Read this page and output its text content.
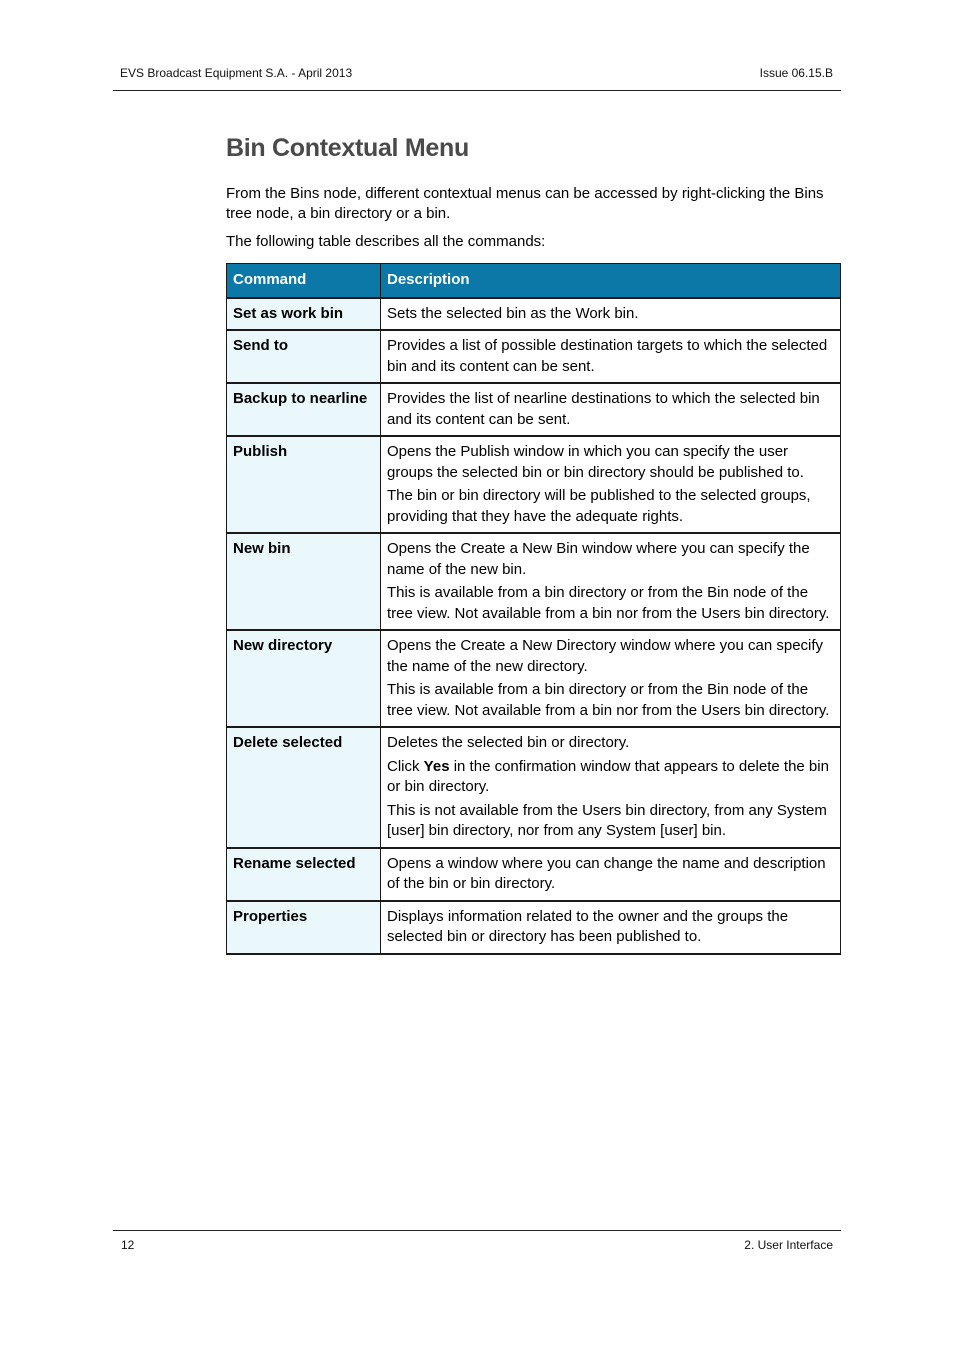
EVS Broadcast Equipment S.A. - April 2013	Issue 06.15.B
Bin Contextual Menu

From the Bins node, different contextual menus can be accessed by right-clicking the Bins tree node, a bin directory or a bin.

The following table describes all the commands:

Command	Description
Set as work bin	Sets the selected bin as the Work bin.

Send to	Provides a list of possible destination targets to which the selected bin and its content can be sent.

Backup to nearline	Provides the list of nearline destinations to which the selected bin and its content can be sent.

Publish	Opens the Publish window in which you can specify the user groups the selected bin or bin directory should be published to.
The bin or bin directory will be published to the selected groups, providing that they have the adequate rights.

New bin	Opens the Create a New Bin window where you can specify the name of the new bin.
This is available from a bin directory or from the Bin node of the tree view. Not available from a bin nor from the Users bin directory.

New directory	Opens the Create a New Directory window where you can specify the name of the new directory.
This is available from a bin directory or from the Bin node of the tree view. Not available from a bin nor from the Users bin directory.

Delete selected	Deletes the selected bin or directory.
Click Yes in the confirmation window that appears to delete the bin or bin directory.
This is not available from the Users bin directory, from any System [user] bin directory, nor from any System [user] bin.

Rename selected	Opens a window where you can change the name and description of the bin or bin directory.

Properties	Displays information related to the owner and the groups the selected bin or directory has been published to.
12	2. User Interface
